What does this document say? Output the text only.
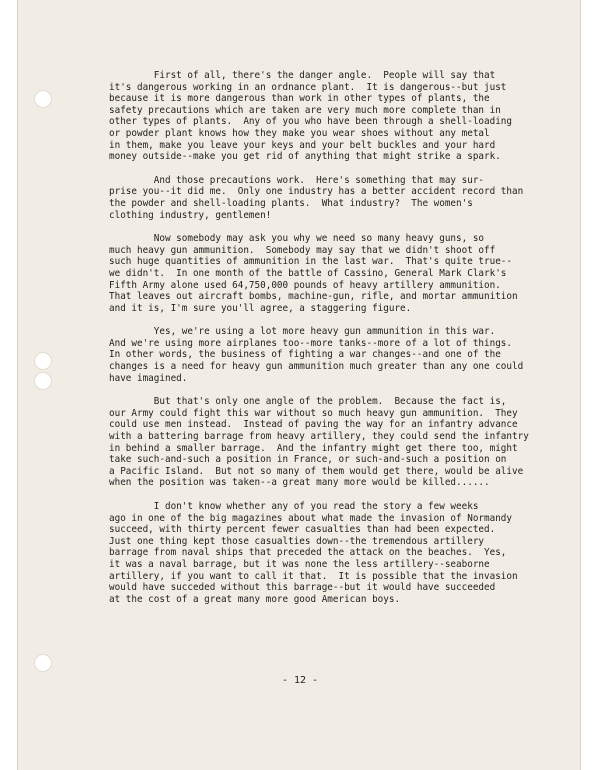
First of all, there's the danger angle.  People will say that
it's dangerous working in an ordnance plant.  It is dangerous--but just
because it is more dangerous than work in other types of plants, the
safety precautions which are taken are very much more complete than in
other types of plants.  Any of you who have been through a shell-loading
or powder plant knows how they make you wear shoes without any metal
in them, make you leave your keys and your belt buckles and your hard
money outside--make you get rid of anything that might strike a spark.
And those precautions work.  Here's something that may sur-
prise you--it did me.  Only one industry has a better accident record than
the powder and shell-loading plants.  What industry?  The women's
clothing industry, gentlemen!
Now somebody may ask you why we need so many heavy guns, so
much heavy gun ammunition.  Somebody may say that we didn't shoot off
such huge quantities of ammunition in the last war.  That's quite true--
we didn't.  In one month of the battle of Cassino, General Mark Clark's
Fifth Army alone used 64,750,000 pounds of heavy artillery ammunition.
That leaves out aircraft bombs, machine-gun, rifle, and mortar ammunition
and it is, I'm sure you'll agree, a staggering figure.
Yes, we're using a lot more heavy gun ammunition in this war.
And we're using more airplanes too--more tanks--more of a lot of things.
In other words, the business of fighting a war changes--and one of the
changes is a need for heavy gun ammunition much greater than any one could
have imagined.
But that's only one angle of the problem.  Because the fact is,
our Army could fight this war without so much heavy gun ammunition.  They
could use men instead.  Instead of paving the way for an infantry advance
with a battering barrage from heavy artillery, they could send the infantry
in behind a smaller barrage.  And the infantry might get there too, might
take such-and-such a position in France, or such-and-such a position on
a Pacific Island.  But not so many of them would get there, would be alive
when the position was taken--a great many more would be killed......
I don't know whether any of you read the story a few weeks
ago in one of the big magazines about what made the invasion of Normandy
succeed, with thirty percent fewer casualties than had been expected.
Just one thing kept those casualties down--the tremendous artillery
barrage from naval ships that preceded the attack on the beaches.  Yes,
it was a naval barrage, but it was none the less artillery--seaborne
artillery, if you want to call it that.  It is possible that the invasion
would have succeded without this barrage--but it would have succeeded
at the cost of a great many more good American boys.
- 12 -
